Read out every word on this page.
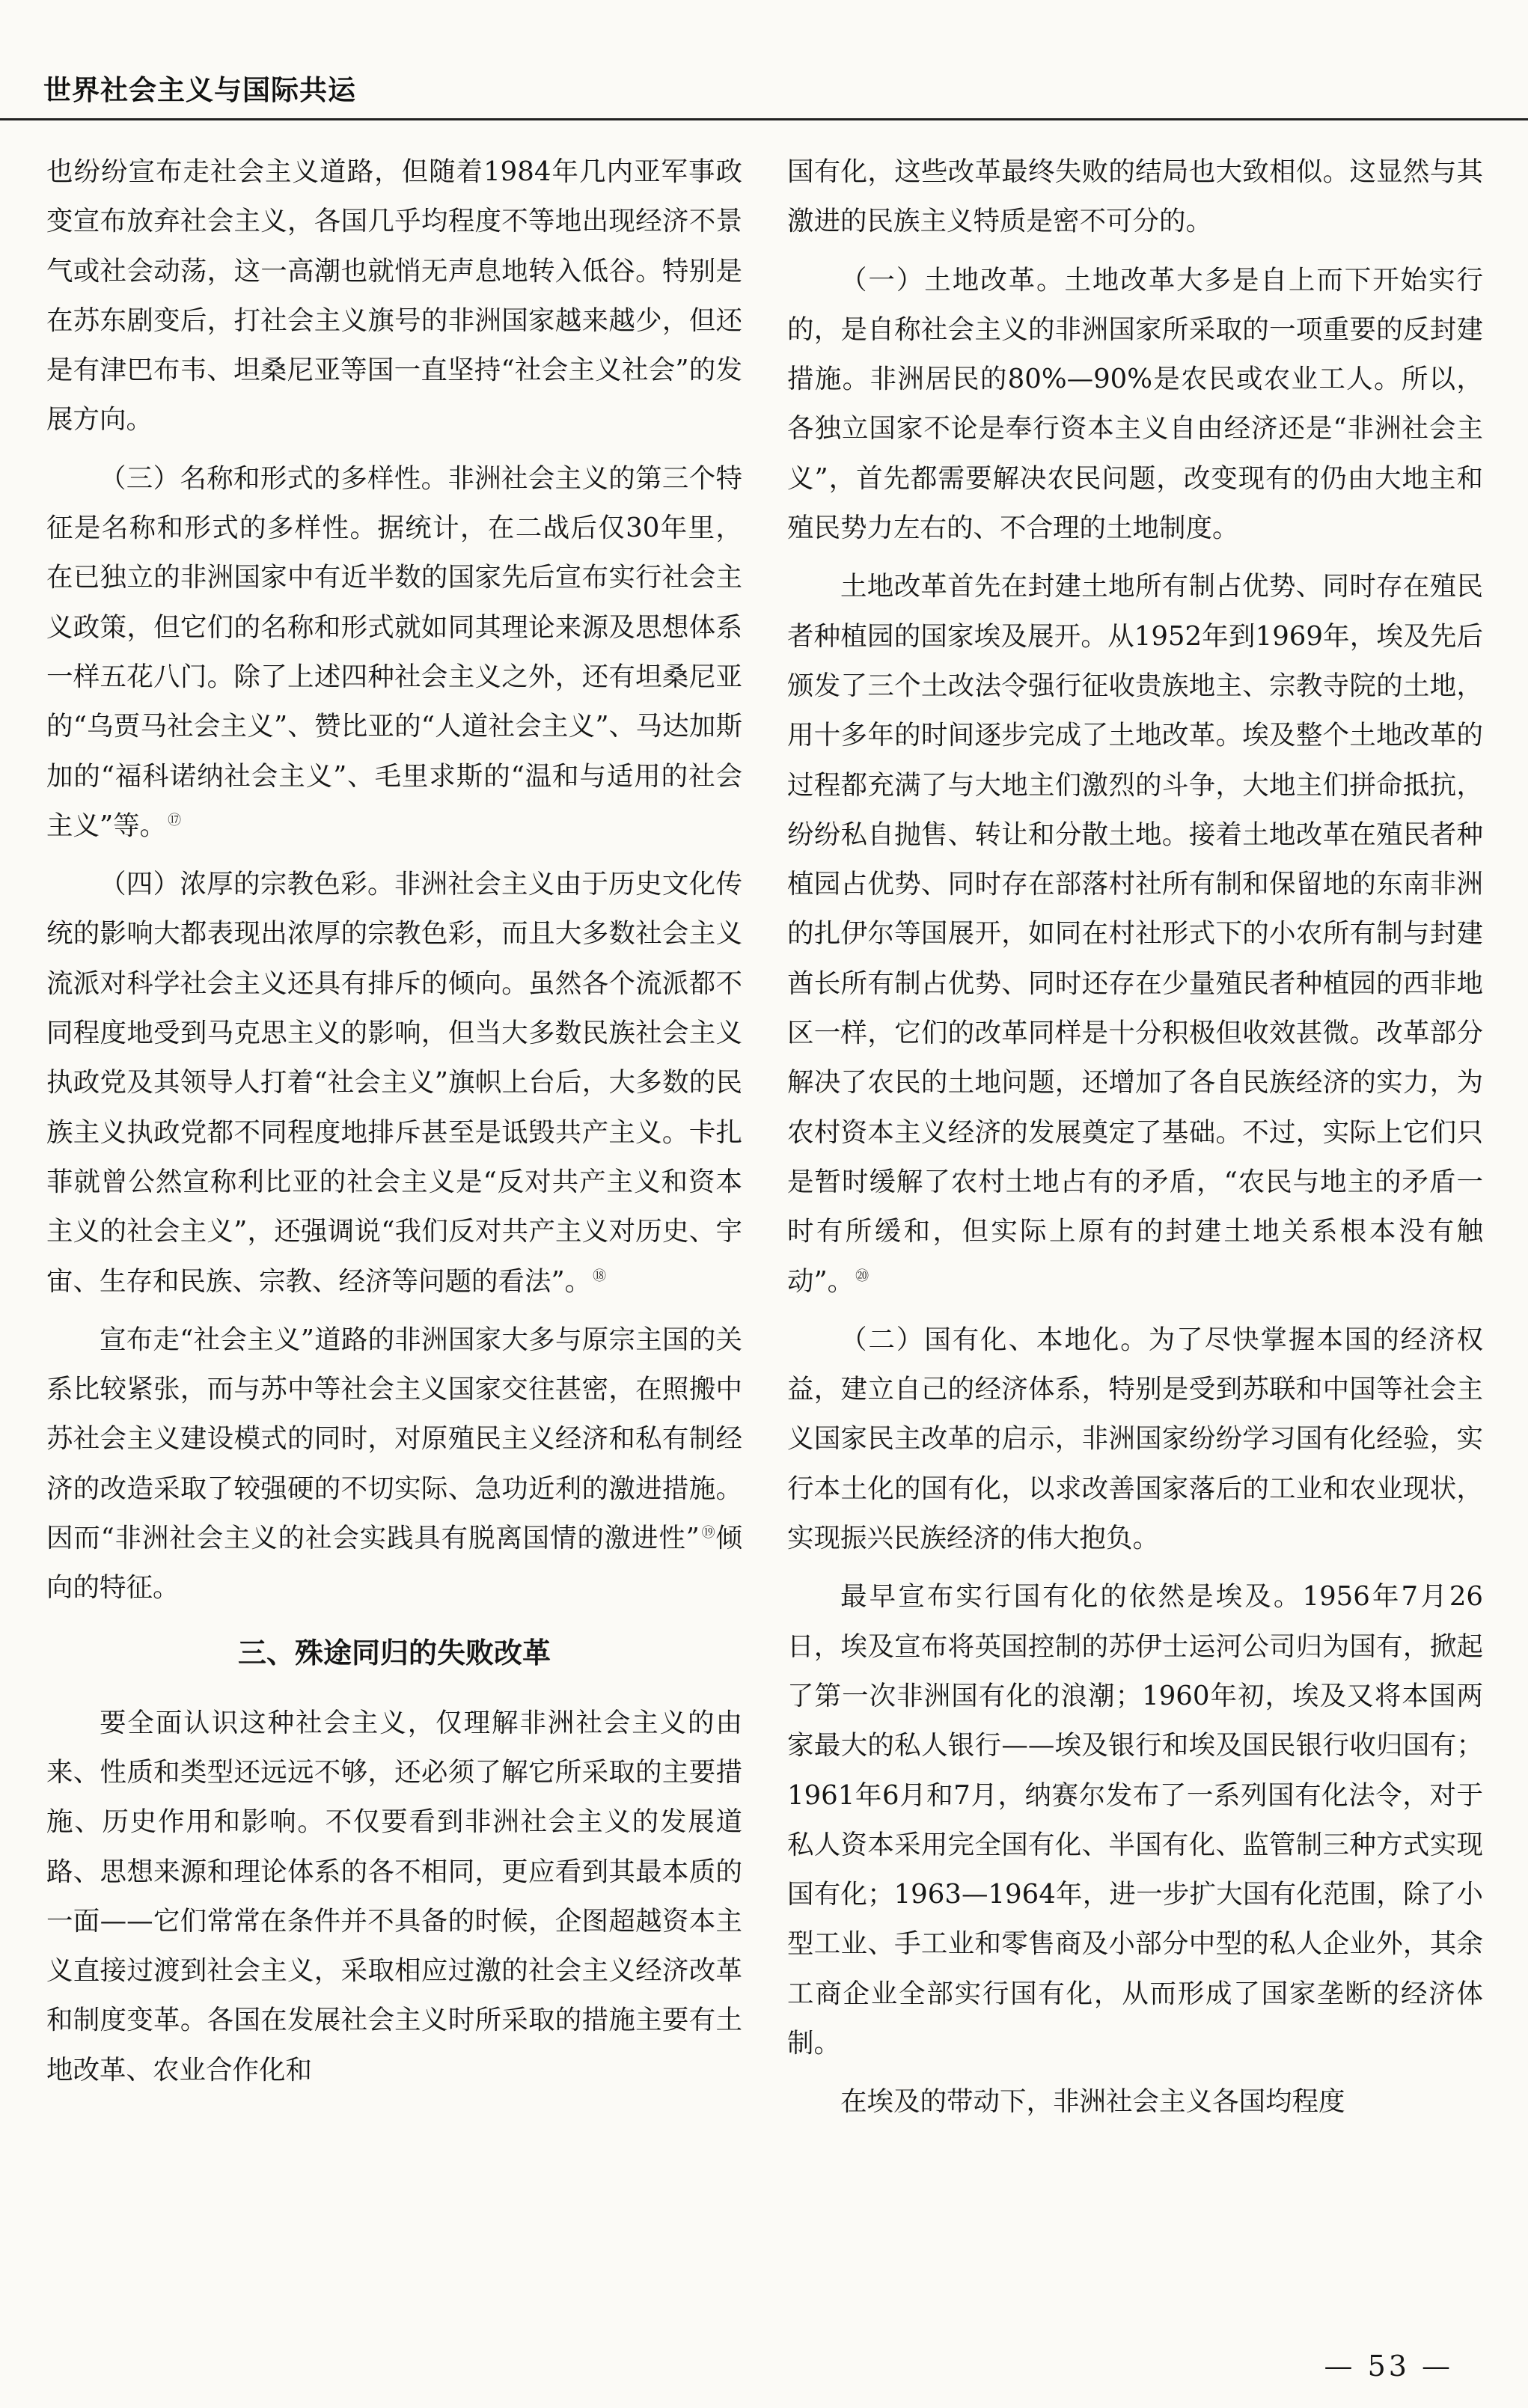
世界社会主义与国际共运

也纷纷宣布走社会主义道路，但随着1984年几内亚军事政变宣布放弃社会主义，各国几乎均程度不等地出现经济不景气或社会动荡，这一高潮也就悄无声息地转入低谷。特别是在苏东剧变后，打社会主义旗号的非洲国家越来越少，但还是有津巴布韦、坦桑尼亚等国一直坚持“社会主义社会”的发展方向。

（三）名称和形式的多样性。非洲社会主义的第三个特征是名称和形式的多样性。据统计，在二战后仅30年里，在已独立的非洲国家中有近半数的国家先后宣布实行社会主义政策，但它们的名称和形式就如同其理论来源及思想体系一样五花八门。除了上述四种社会主义之外，还有坦桑尼亚的“乌贾马社会主义”、赞比亚的“人道社会主义”、马达加斯加的“福科诺纳社会主义”、毛里求斯的“温和与适用的社会主义”等。 ⑰

（四）浓厚的宗教色彩。非洲社会主义由于历史文化传统的影响大都表现出浓厚的宗教色彩，而且大多数社会主义流派对科学社会主义还具有排斥的倾向。虽然各个流派都不同程度地受到马克思主义的影响，但当大多数民族社会主义执政党及其领导人打着“社会主义”旗帜上台后，大多数的民族主义执政党都不同程度地排斥甚至是诋毁共产主义。卡扎菲就曾公然宣称利比亚的社会主义是“反对共产主义和资本主义的社会主义”，还强调说“我们反对共产主义对历史、宇宙、生存和民族、宗教、经济等问题的看法”。 ⑱

宣布走“社会主义”道路的非洲国家大多与原宗主国的关系比较紧张，而与苏中等社会主义国家交往甚密，在照搬中苏社会主义建设模式的同时，对原殖民主义经济和私有制经济的改造采取了较强硬的不切实际、急功近利的激进措施。因而“非洲社会主义的社会实践具有脱离国情的激进性” ⑲倾向的特征。

三、殊途同归的失败改革

要全面认识这种社会主义，仅理解非洲社会主义的由来、性质和类型还远远不够，还必须了解它所采取的主要措施、历史作用和影响。不仅要看到非洲社会主义的发展道路、思想来源和理论体系的各不相同，更应看到其最本质的一面——它们常常在条件并不具备的时候，企图超越资本主义直接过渡到社会主义，采取相应过激的社会主义经济改革和制度变革。各国在发展社会主义时所采取的措施主要有土地改革、农业合作化和

国有化，这些改革最终失败的结局也大致相似。这显然与其激进的民族主义特质是密不可分的。

（一）土地改革。土地改革大多是自上而下开始实行的，是自称社会主义的非洲国家所采取的一项重要的反封建措施。非洲居民的80%—90%是农民或农业工人。所以，各独立国家不论是奉行资本主义自由经济还是“非洲社会主义”，首先都需要解决农民问题，改变现有的仍由大地主和殖民势力左右的、不合理的土地制度。

土地改革首先在封建土地所有制占优势、同时存在殖民者种植园的国家埃及展开。从1952年到1969年，埃及先后颁发了三个土改法令强行征收贵族地主、宗教寺院的土地，用十多年的时间逐步完成了土地改革。埃及整个土地改革的过程都充满了与大地主们激烈的斗争，大地主们拼命抵抗，纷纷私自抛售、转让和分散土地。接着土地改革在殖民者种植园占优势、同时存在部落村社所有制和保留地的东南非洲的扎伊尔等国展开，如同在村社形式下的小农所有制与封建酋长所有制占优势、同时还存在少量殖民者种植园的西非地区一样，它们的改革同样是十分积极但收效甚微。改革部分解决了农民的土地问题，还增加了各自民族经济的实力，为农村资本主义经济的发展奠定了基础。不过，实际上它们只是暂时缓解了农村土地占有的矛盾，“农民与地主的矛盾一时有所缓和，但实际上原有的封建土地关系根本没有触动”。 ⑳

（二）国有化、本地化。为了尽快掌握本国的经济权益，建立自己的经济体系，特别是受到苏联和中国等社会主义国家民主改革的启示，非洲国家纷纷学习国有化经验，实行本土化的国有化，以求改善国家落后的工业和农业现状，实现振兴民族经济的伟大抱负。

最早宣布实行国有化的依然是埃及。1956年7月26日，埃及宣布将英国控制的苏伊士运河公司归为国有，掀起了第一次非洲国有化的浪潮；1960年初，埃及又将本国两家最大的私人银行——埃及银行和埃及国民银行收归国有；1961年6月和7月，纳赛尔发布了一系列国有化法令，对于私人资本采用完全国有化、半国有化、监管制三种方式实现国有化；1963—1964年，进一步扩大国有化范围，除了小型工业、手工业和零售商及小部分中型的私人企业外，其余工商企业全部实行国有化，从而形成了国家垄断的经济体制。

在埃及的带动下，非洲社会主义各国均程度

— 53 —
